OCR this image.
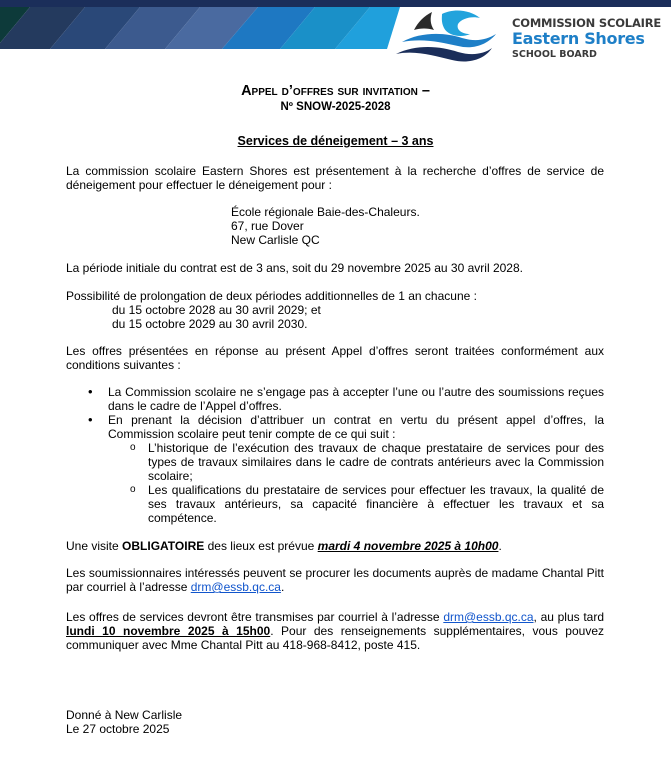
COMMISSION SCOLAIRE
Eastern Shores
SCHOOL BOARD
Appel d’offres sur invitation –
Nº SNOW-2025-2028
Services de déneigement – 3 ans

La commission scolaire Eastern Shores est présentement à la recherche d’offres de service de déneigement pour effectuer le déneigement pour :

École régionale Baie-des-Chaleurs.
67, rue Dover
New Carlisle QC

La période initiale du contrat est de 3 ans, soit du 29 novembre 2025 au 30 avril 2028.

Possibilité de prolongation de deux périodes additionnelles de 1 an chacune :
du 15 octobre 2028 au 30 avril 2029; et
du 15 octobre 2029 au 30 avril 2030.

Les offres présentées en réponse au présent Appel d’offres seront traitées conformément aux conditions suivantes :

• La Commission scolaire ne s’engage pas à accepter l’une ou l’autre des soumissions reçues dans le cadre de l’Appel d’offres.

• En prenant la décision d’attribuer un contrat en vertu du présent appel d’offres, la Commission scolaire peut tenir compte de ce qui suit :

o L’historique de l’exécution des travaux de chaque prestataire de services pour des types de travaux similaires dans le cadre de contrats antérieurs avec la Commission scolaire;

o Les qualifications du prestataire de services pour effectuer les travaux, la qualité de ses travaux antérieurs, sa capacité financière à effectuer les travaux et sa compétence.

Une visite OBLIGATOIRE des lieux est prévue mardi 4 novembre 2025 à 10h00.

Les soumissionnaires intéressés peuvent se procurer les documents auprès de madame Chantal Pitt par courriel à l’adresse drm@essb.qc.ca.

Les offres de services devront être transmises par courriel à l’adresse drm@essb.qc.ca, au plus tard lundi 10 novembre 2025 à 15h00. Pour des renseignements supplémentaires, vous pouvez communiquer avec Mme Chantal Pitt au 418-968-8412, poste 415.

Donné à New Carlisle
Le 27 octobre 2025
